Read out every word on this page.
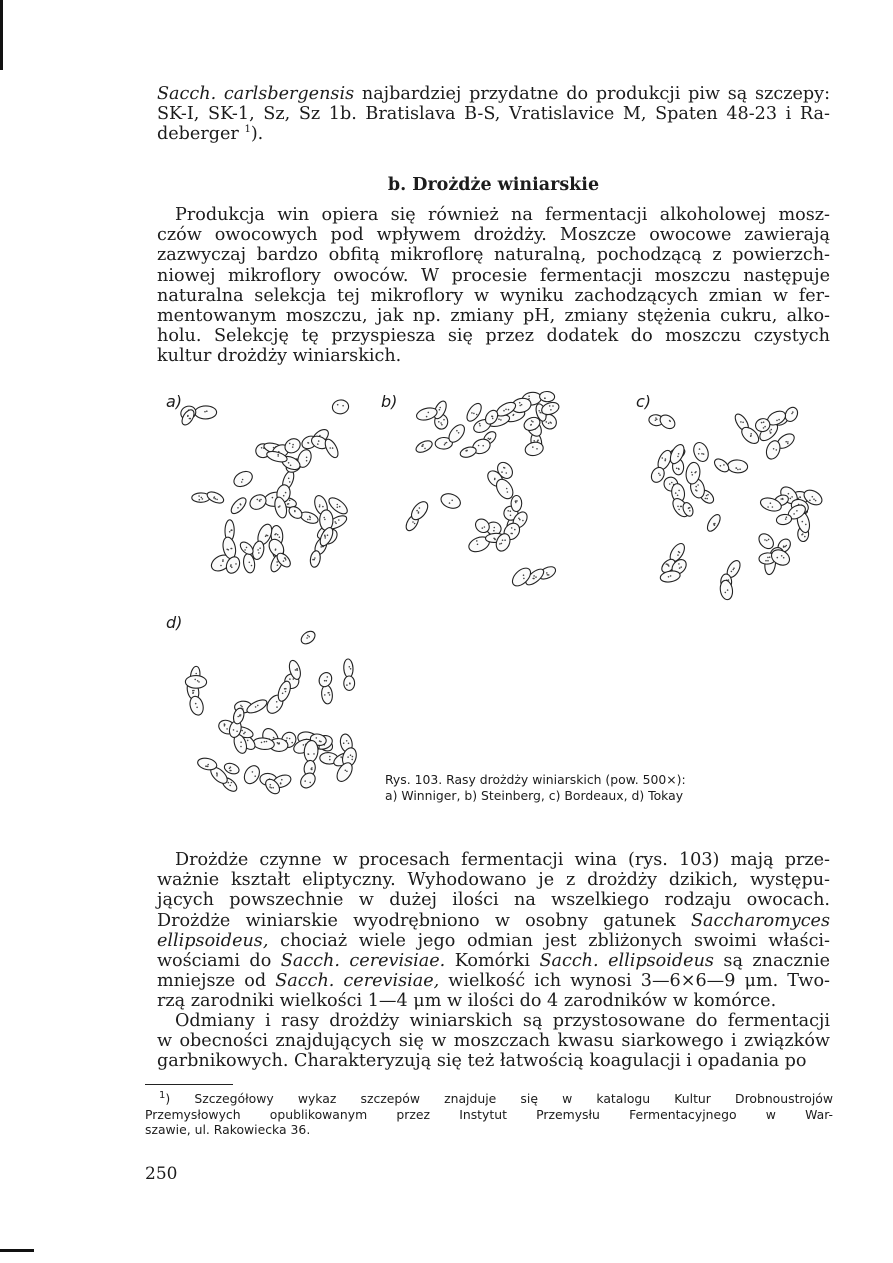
Sacch. carlsbergensis najbardziej przydatne do produkcji piw są szczepy:
SK-I, SK-1, Sz, Sz 1b. Bratislava B-S, Vratislavice M, Spaten 48-23 i Ra-
deberger $^1$).
b. Drożdże winiarskie
Produkcja win opiera się również na fermentacji alkoholowej mosz-
czów owocowych pod wpływem drożdży. Moszcze owocowe zawierają
zazwyczaj bardzo obfitą mikroflorę naturalną, pochodzącą z powierzch-
niowej mikroflory owoców. W procesie fermentacji moszczu następuje
naturalna selekcja tej mikroflory w wyniku zachodzących zmian w fer-
mentowanym moszczu, jak np. zmiany pH, zmiany stężenia cukru, alko-
holu. Selekcję tę przyspiesza się przez dodatek do moszczu czystych
kultur drożdży winiarskich.
a)	b)	c)
d)
Rys. 103. Rasy drożdży winiarskich (pow. 500×):
a) Winniger, b) Steinberg, c) Bordeaux, d) Tokay
Drożdże czynne w procesach fermentacji wina (rys. 103) mają prze-
ważnie kształt eliptyczny. Wyhodowano je z drożdży dzikich, występu-
jących powszechnie w dużej ilości na wszelkiego rodzaju owocach.
Drożdże winiarskie wyodrębniono w osobny gatunek Saccharomyces
ellipsoideus, chociaż wiele jego odmian jest zbliżonych swoimi właści-
wościami do Sacch. cerevisiae. Komórki Sacch. ellipsoideus są znacznie
mniejsze od Sacch. cerevisiae, wielkość ich wynosi 3—6×6—9 μm. Two-
rzą zarodniki wielkości 1—4 μm w ilości do 4 zarodników w komórce.
Odmiany i rasy drożdży winiarskich są przystosowane do fermentacji
w obecności znajdujących się w moszczach kwasu siarkowego i związków
garbnikowych. Charakteryzują się też łatwością koagulacji i opadania po
$^1$) Szczegółowy wykaz szczepów znajduje się w katalogu Kultur Drobnoustrojów
Przemysłowych opublikowanym przez Instytut Przemysłu Fermentacyjnego w War-
szawie, ul. Rakowiecka 36.
250
